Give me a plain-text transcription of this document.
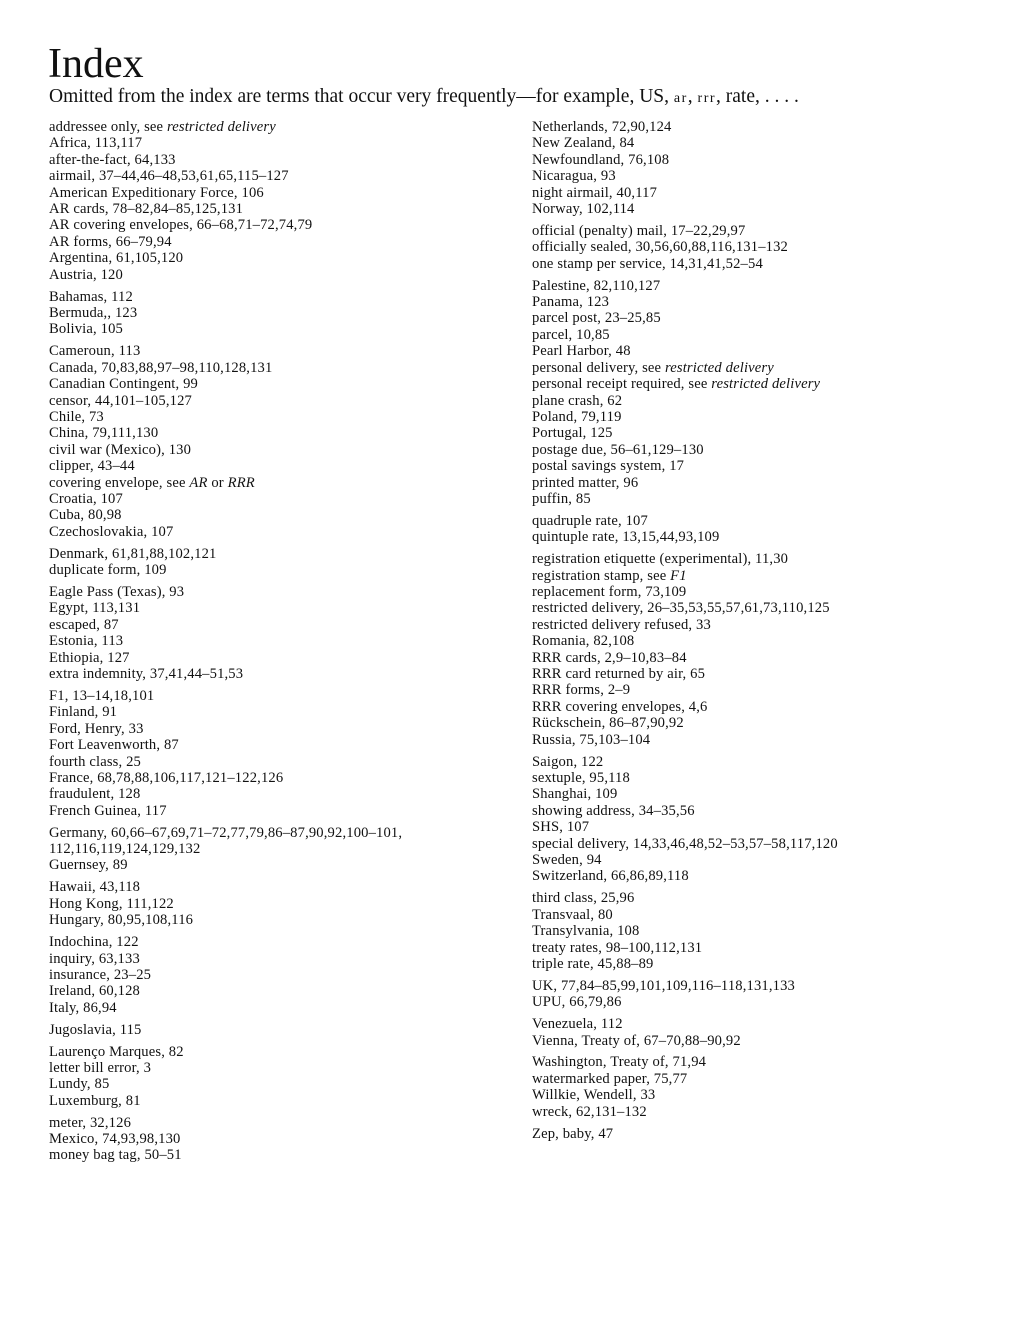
Index

Omitted from the index are terms that occur very frequently—for example, US, ar, rrr, rate, . . . .

addressee only, see restricted delivery
Africa, 113,117
after-the-fact, 64,133
airmail, 37–44,46–48,53,61,65,115–127
American Expeditionary Force, 106
AR cards, 78–82,84–85,125,131
AR covering envelopes, 66–68,71–72,74,79
AR forms, 66–79,94
Argentina, 61,105,120
Austria, 120
Bahamas, 112
Bermuda,, 123
Bolivia, 105
Cameroun, 113
Canada, 70,83,88,97–98,110,128,131
Canadian Contingent, 99
censor, 44,101–105,127
Chile, 73
China, 79,111,130
civil war (Mexico), 130
clipper, 43–44
covering envelope, see AR or RRR
Croatia, 107
Cuba, 80,98
Czechoslovakia, 107
Denmark, 61,81,88,102,121
duplicate form, 109
Eagle Pass (Texas), 93
Egypt, 113,131
escaped, 87
Estonia, 113
Ethiopia, 127
extra indemnity, 37,41,44–51,53
F1, 13–14,18,101
Finland, 91
Ford, Henry, 33
Fort Leavenworth, 87
fourth class, 25
France, 68,78,88,106,117,121–122,126
fraudulent, 128
French Guinea, 117
Germany, 60,66–67,69,71–72,77,79,86–87,90,92,100–101,
112,116,119,124,129,132
Guernsey, 89
Hawaii, 43,118
Hong Kong, 111,122
Hungary, 80,95,108,116
Indochina, 122
inquiry, 63,133
insurance, 23–25
Ireland, 60,128
Italy, 86,94
Jugoslavia, 115
Laurenço Marques, 82
letter bill error, 3
Lundy, 85
Luxemburg, 81
meter, 32,126
Mexico, 74,93,98,130
money bag tag, 50–51
Netherlands, 72,90,124
New Zealand, 84
Newfoundland, 76,108
Nicaragua, 93
night airmail, 40,117
Norway, 102,114
official (penalty) mail, 17–22,29,97
officially sealed, 30,56,60,88,116,131–132
one stamp per service, 14,31,41,52–54
Palestine, 82,110,127
Panama, 123
parcel post, 23–25,85
parcel, 10,85
Pearl Harbor, 48
personal delivery, see restricted delivery
personal receipt required, see restricted delivery
plane crash, 62
Poland, 79,119
Portugal, 125
postage due, 56–61,129–130
postal savings system, 17
printed matter, 96
puffin, 85
quadruple rate, 107
quintuple rate, 13,15,44,93,109
registration etiquette (experimental), 11,30
registration stamp, see F1
replacement form, 73,109
restricted delivery, 26–35,53,55,57,61,73,110,125
restricted delivery refused, 33
Romania, 82,108
RRR cards, 2,9–10,83–84
RRR card returned by air, 65
RRR forms, 2–9
RRR covering envelopes, 4,6
Rückschein, 86–87,90,92
Russia, 75,103–104
Saigon, 122
sextuple, 95,118
Shanghai, 109
showing address, 34–35,56
SHS, 107
special delivery, 14,33,46,48,52–53,57–58,117,120
Sweden, 94
Switzerland, 66,86,89,118
third class, 25,96
Transvaal, 80
Transylvania, 108
treaty rates, 98–100,112,131
triple rate, 45,88–89
UK, 77,84–85,99,101,109,116–118,131,133
UPU, 66,79,86
Venezuela, 112
Vienna, Treaty of, 67–70,88–90,92
Washington, Treaty of, 71,94
watermarked paper, 75,77
Willkie, Wendell, 33
wreck, 62,131–132
Zep, baby, 47
